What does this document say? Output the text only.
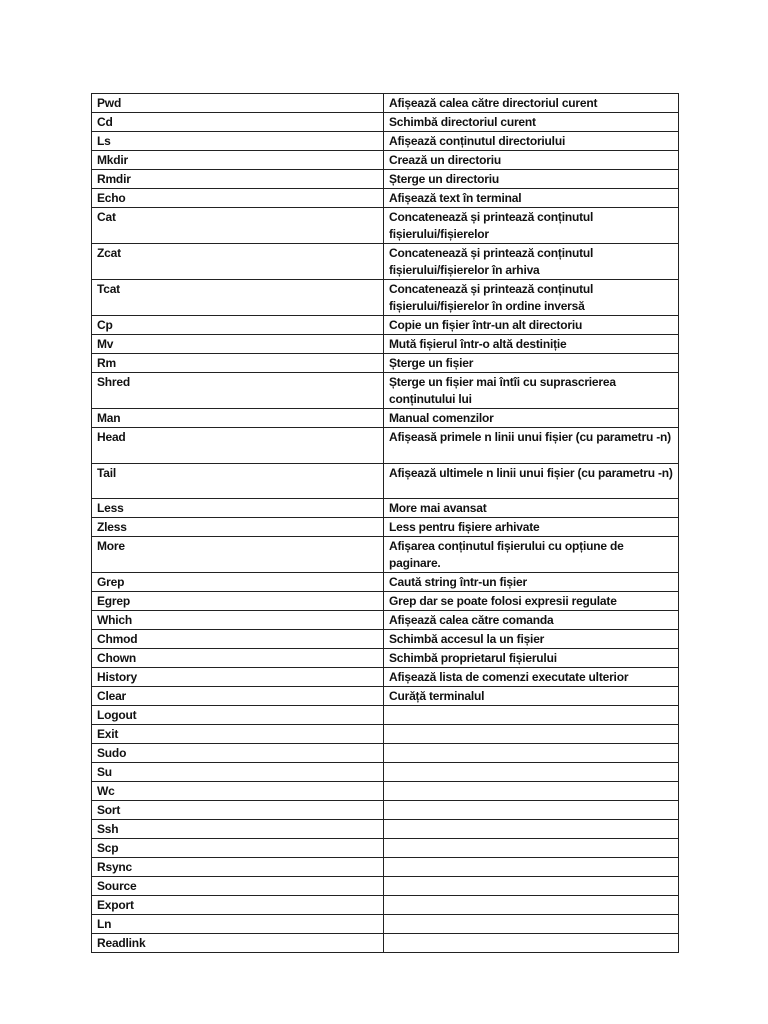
Pwd	Afișează calea către directoriul curent
Cd	Schimbă directoriul curent
Ls	Afișează conținutul directoriului
Mkdir	Crează un directoriu
Rmdir	Șterge un directoriu
Echo	Afișează text în terminal
Cat	Concatenează și printează conținutul fișierului/fișierelor
Zcat	Concatenează și printează conținutul fișierului/fișierelor în arhiva
Tcat	Concatenează și printează conținutul fișierului/fișierelor în ordine inversă
Cp	Copie un fișier într-un alt directoriu
Mv	Mută fișierul într-o altă destiniție
Rm	Șterge un fișier
Shred	Șterge un fișier mai întîi cu suprascrierea conținutului lui
Man	Manual comenzilor
Head	Afișeasă primele n linii unui fișier (cu parametru -n)
Tail	Afișează ultimele n linii unui fișier (cu parametru -n)
Less	More mai avansat
Zless	Less pentru fișiere arhivate
More	Afișarea conținutul fișierului cu opțiune de paginare.
Grep	Caută string într-un fișier
Egrep	Grep dar se poate folosi expresii regulate
Which	Afișează calea către comanda
Chmod	Schimbă accesul la un fișier
Chown	Schimbă proprietarul fișierului
History	Afișează lista de comenzi executate ulterior
Clear	Curăță terminalul
Logout	
Exit	
Sudo	
Su	
Wc	
Sort	
Ssh	
Scp	
Rsync	
Source	
Export	
Ln	
Readlink	
